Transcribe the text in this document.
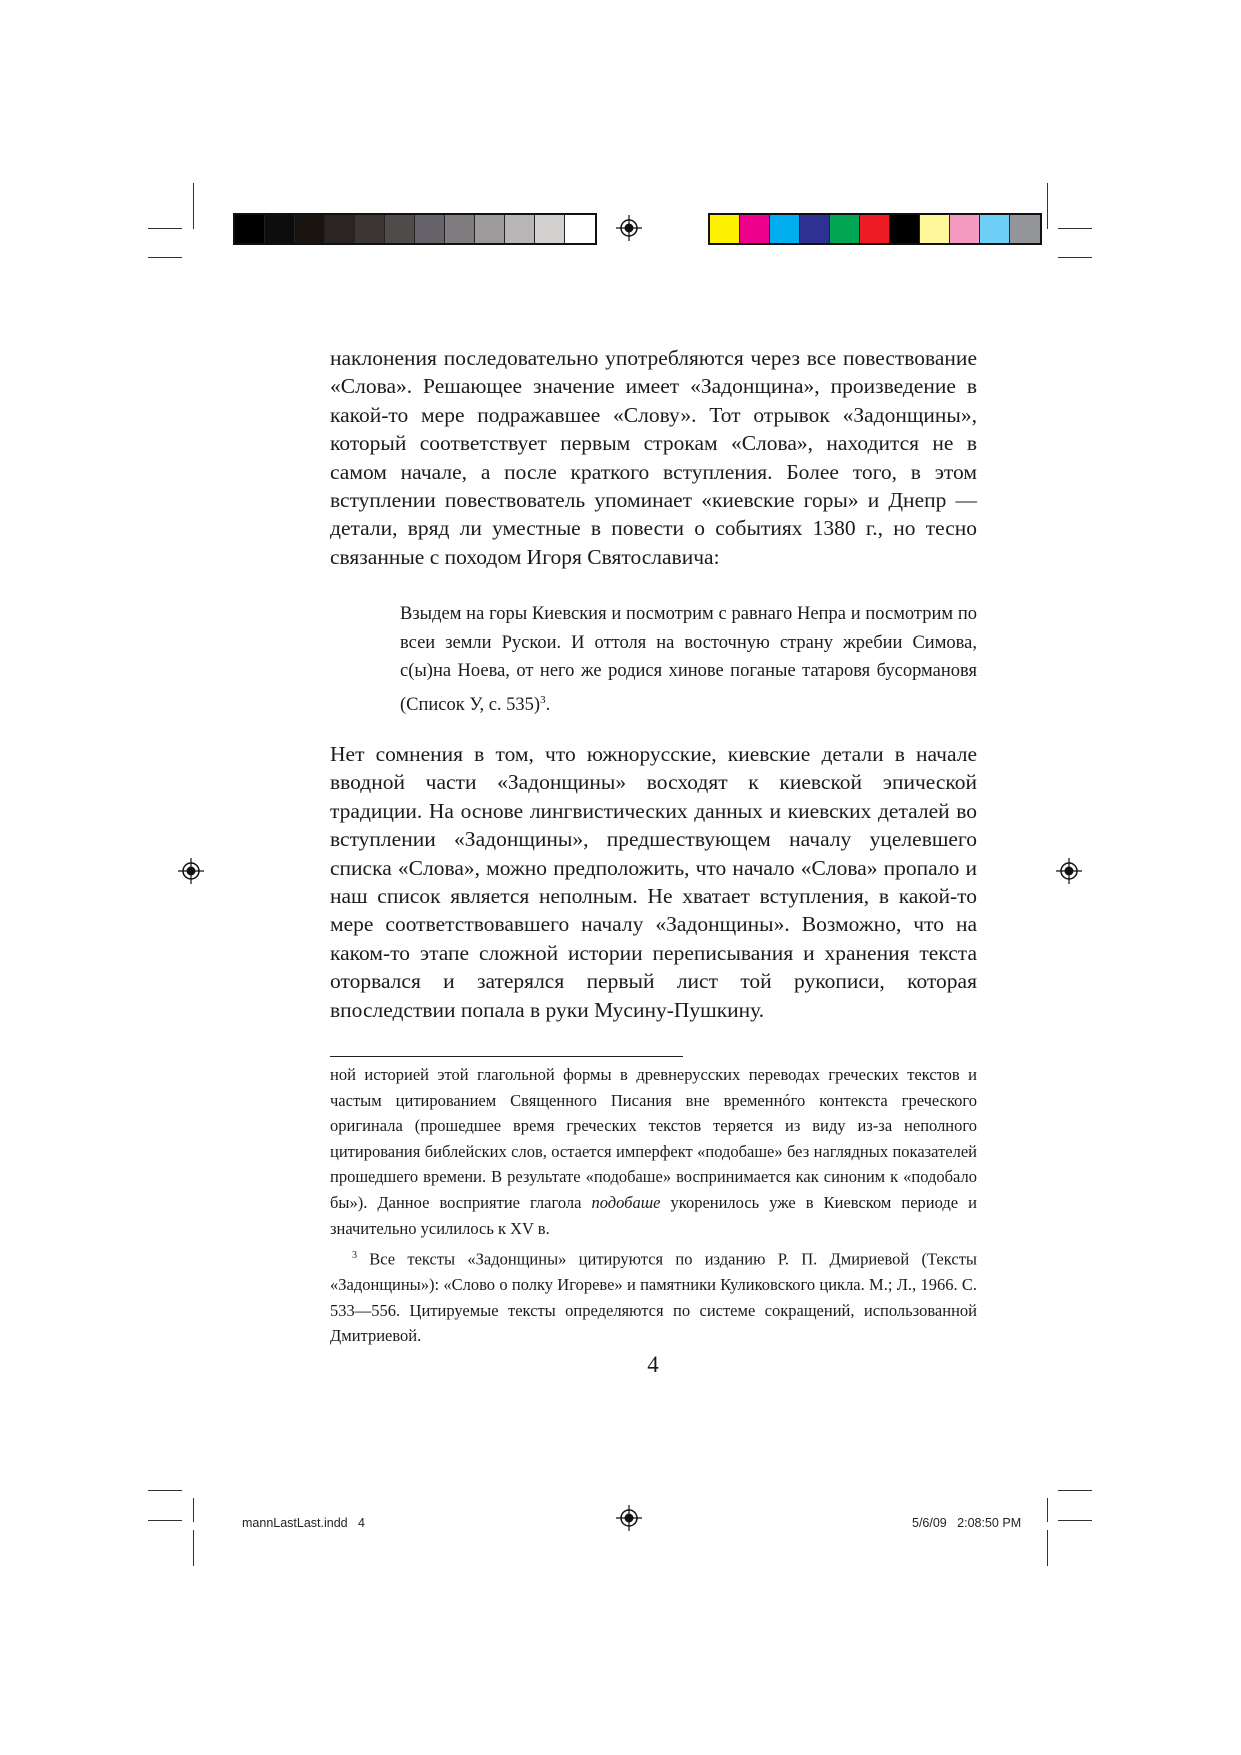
наклонения последовательно употребляются через все повествование «Слова». Решающее значение имеет «Задонщина», произведение в какой-то мере подражавшее «Слову». Тот отрывок «Задонщины», который соответствует первым строкам «Слова», находится не в самом начале, а после краткого вступления. Более того, в этом вступлении повествователь упоминает «киевские горы» и Днепр — детали, вряд ли уместные в повести о событиях 1380 г., но тесно связанные с походом Игоря Святославича:

Взыдем на горы Киевския и посмотрим с равнаго Непра и посмотрим по всеи земли Рускои. И оттоля на восточную страну жребии Симова, с(ы)на Ноева, от него же родися хинове поганые татаровя бусормановя (Список У, с. 535)$^3$.

Нет сомнения в том, что южнорусские, киевские детали в начале вводной части «Задонщины» восходят к киевской эпической традиции. На основе лингвистических данных и киевских деталей во вступлении «Задонщины», предшествующем началу уцелевшего списка «Слова», можно предположить, что начало «Слова» пропало и наш список является неполным. Не хватает вступления, в какой-то мере соответствовавшего началу «Задонщины». Возможно, что на каком-то этапе сложной истории переписывания и хранения текста оторвался и затерялся первый лист той рукописи, которая впоследствии попала в руки Мусину-Пушкину.

ной историей этой глагольной формы в древнерусских переводах греческих текстов и частым цитированием Священного Писания вне временнóго контекста греческого оригинала (прошедшее время греческих текстов теряется из виду из-за неполного цитирования библейских слов, остается имперфект «подобаше» без наглядных показателей прошедшего времени. В результате «подобаше» воспринимается как синоним к «подобало бы»). Данное восприятие глагола подобаше укоренилось уже в Киевском периоде и значительно усилилось к XV в.

$^3$ Все тексты «Задонщины» цитируются по изданию Р. П. Дмириевой (Тексты «Задонщины»): «Слово о полку Игореве» и памятники Куликовского цикла. М.; Л., 1966. С. 533—556. Цитируемые тексты определяются по системе сокращений, использованной Дмитриевой.

4
mannLastLast.indd   4	5/6/09   2:08:50 PM
